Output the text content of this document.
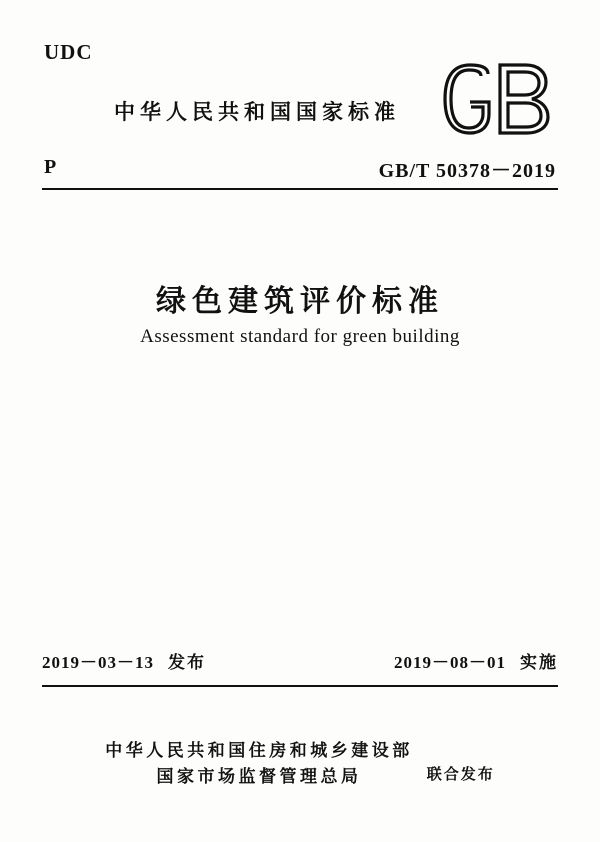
UDC
中华人民共和国国家标准
P	GB/T 50378－2019
绿色建筑评价标准
Assessment standard for green building
2019－03－13 发布	2019－08－01 实施
中华人民共和国住房和城乡建设部
国家市场监督管理总局	联合发布
